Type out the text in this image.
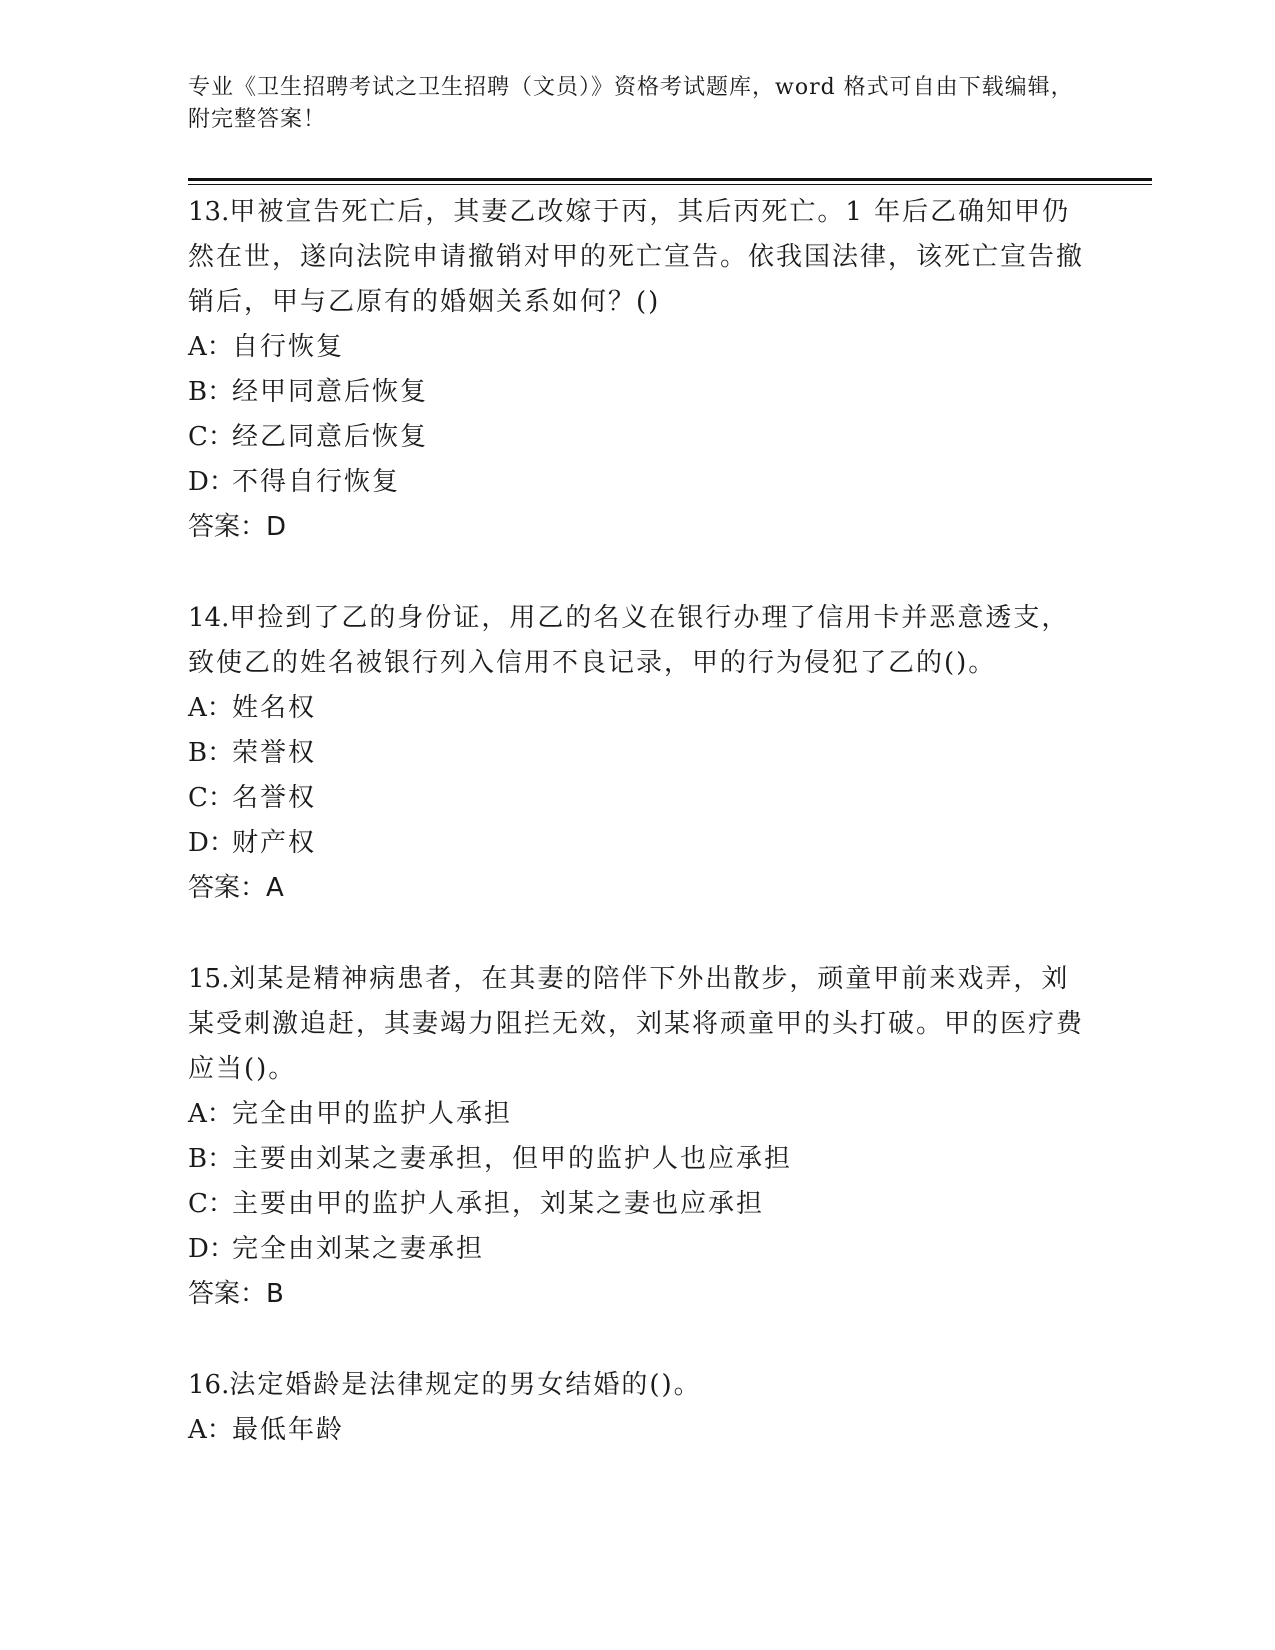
专业《卫生招聘考试之卫生招聘（文员）》资格考试题库，word 格式可自由下载编辑，附完整答案！

13.甲被宣告死亡后，其妻乙改嫁于丙，其后丙死亡。1 年后乙确知甲仍然在世，遂向法院申请撤销对甲的死亡宣告。依我国法律，该死亡宣告撤销后，甲与乙原有的婚姻关系如何？()

A： 自行恢复

B：
经甲同意后恢复

C：
经乙同意后恢复

D：
不得自行恢复

答案：D

14.甲捡到了乙的身份证，用乙的名义在银行办理了信用卡并恶意透支，致使乙的姓名被银行列入信用不良记录，甲的行为侵犯了乙的()。

A： 姓名权

B：
荣誉权

C：
名誉权

D：
财产权

答案：A

15.刘某是精神病患者，在其妻的陪伴下外出散步，顽童甲前来戏弄，刘某受刺激追赶，其妻竭力阻拦无效，刘某将顽童甲的头打破。甲的医疗费应当()。

A： 完全由甲的监护人承担

B：
主要由刘某之妻承担，但甲的监护人也应承担

C：
主要由甲的监护人承担，刘某之妻也应承担

D：
完全由刘某之妻承担

答案：B

16.法定婚龄是法律规定的男女结婚的()。

A： 最低年龄
